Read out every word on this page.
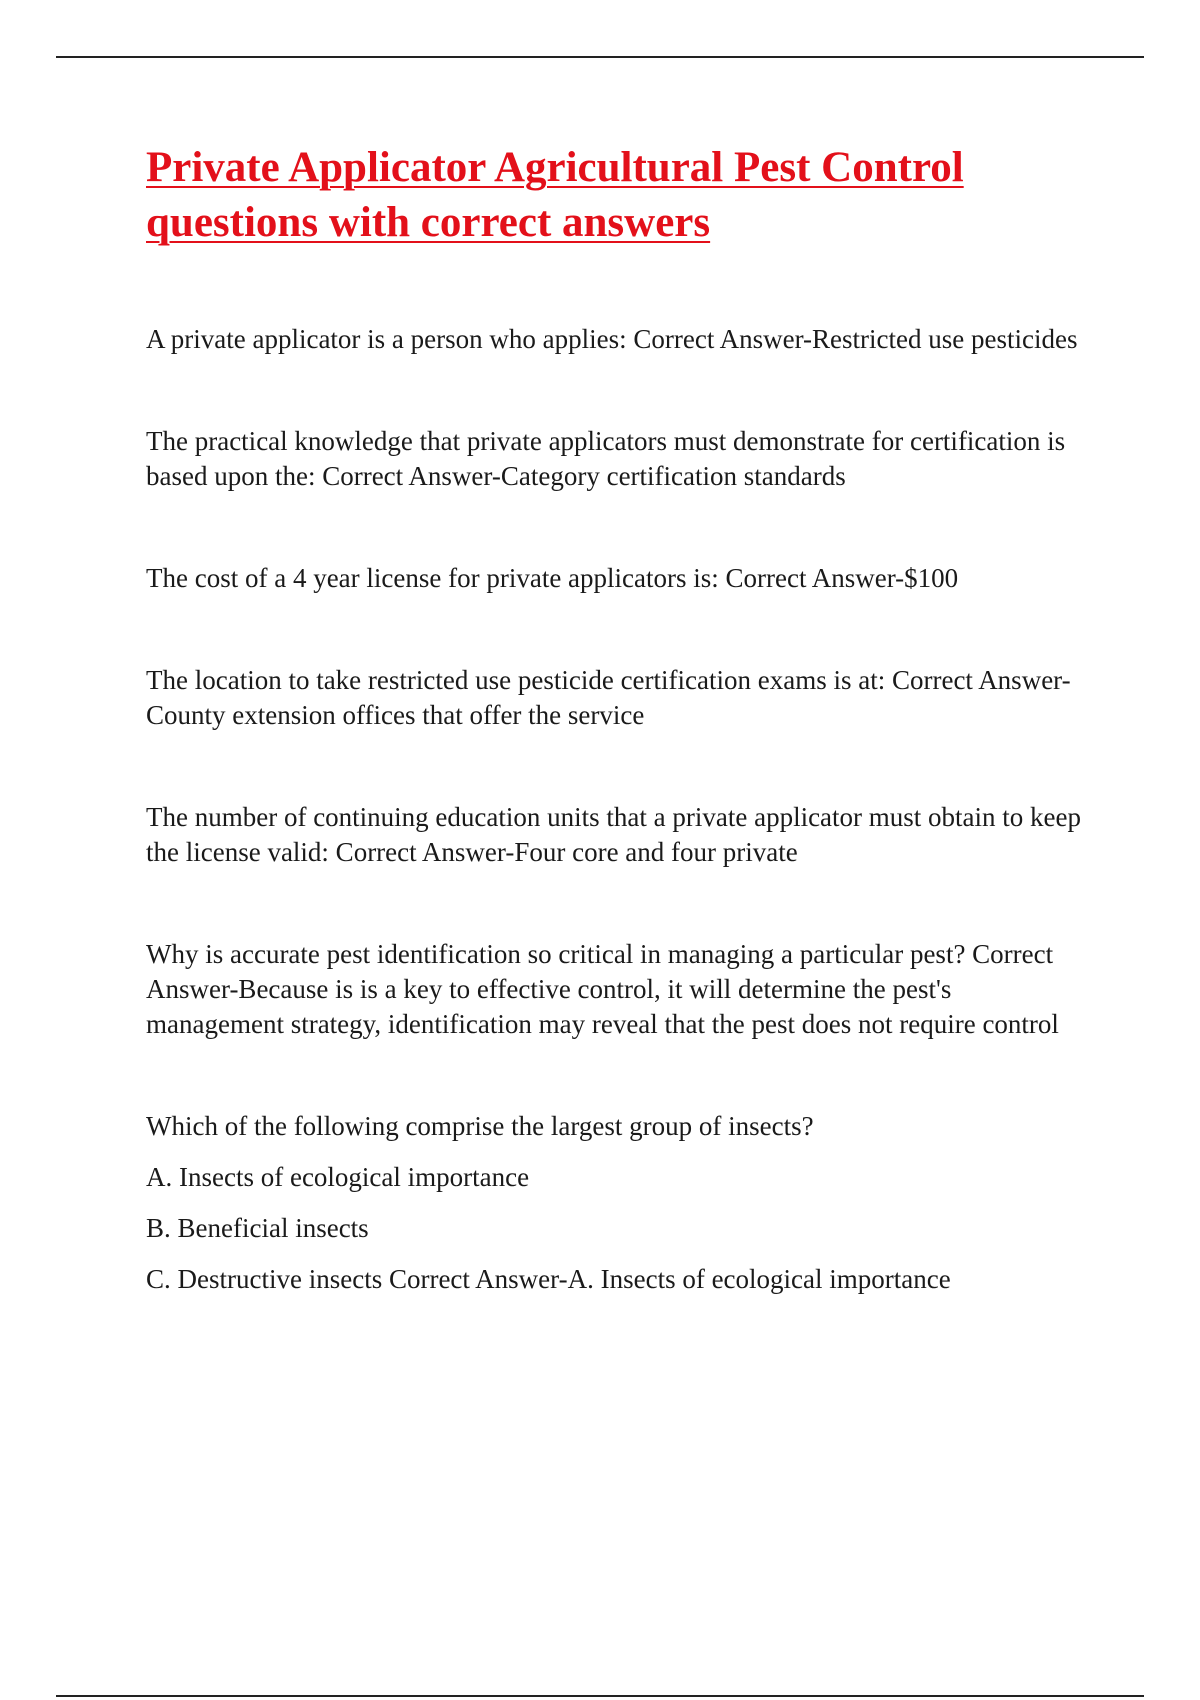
Private Applicator Agricultural Pest Control questions with correct answers

A private applicator is a person who applies: Correct Answer-Restricted use pesticides

The practical knowledge that private applicators must demonstrate for certification is based upon the: Correct Answer-Category certification standards

The cost of a 4 year license for private applicators is: Correct Answer-$100

The location to take restricted use pesticide certification exams is at: Correct Answer-County extension offices that offer the service

The number of continuing education units that a private applicator must obtain to keep the license valid: Correct Answer-Four core and four private

Why is accurate pest identification so critical in managing a particular pest? Correct Answer-Because is is a key to effective control, it will determine the pest's management strategy, identification may reveal that the pest does not require control

Which of the following comprise the largest group of insects?

A. Insects of ecological importance

B. Beneficial insects

C. Destructive insects Correct Answer-A. Insects of ecological importance
